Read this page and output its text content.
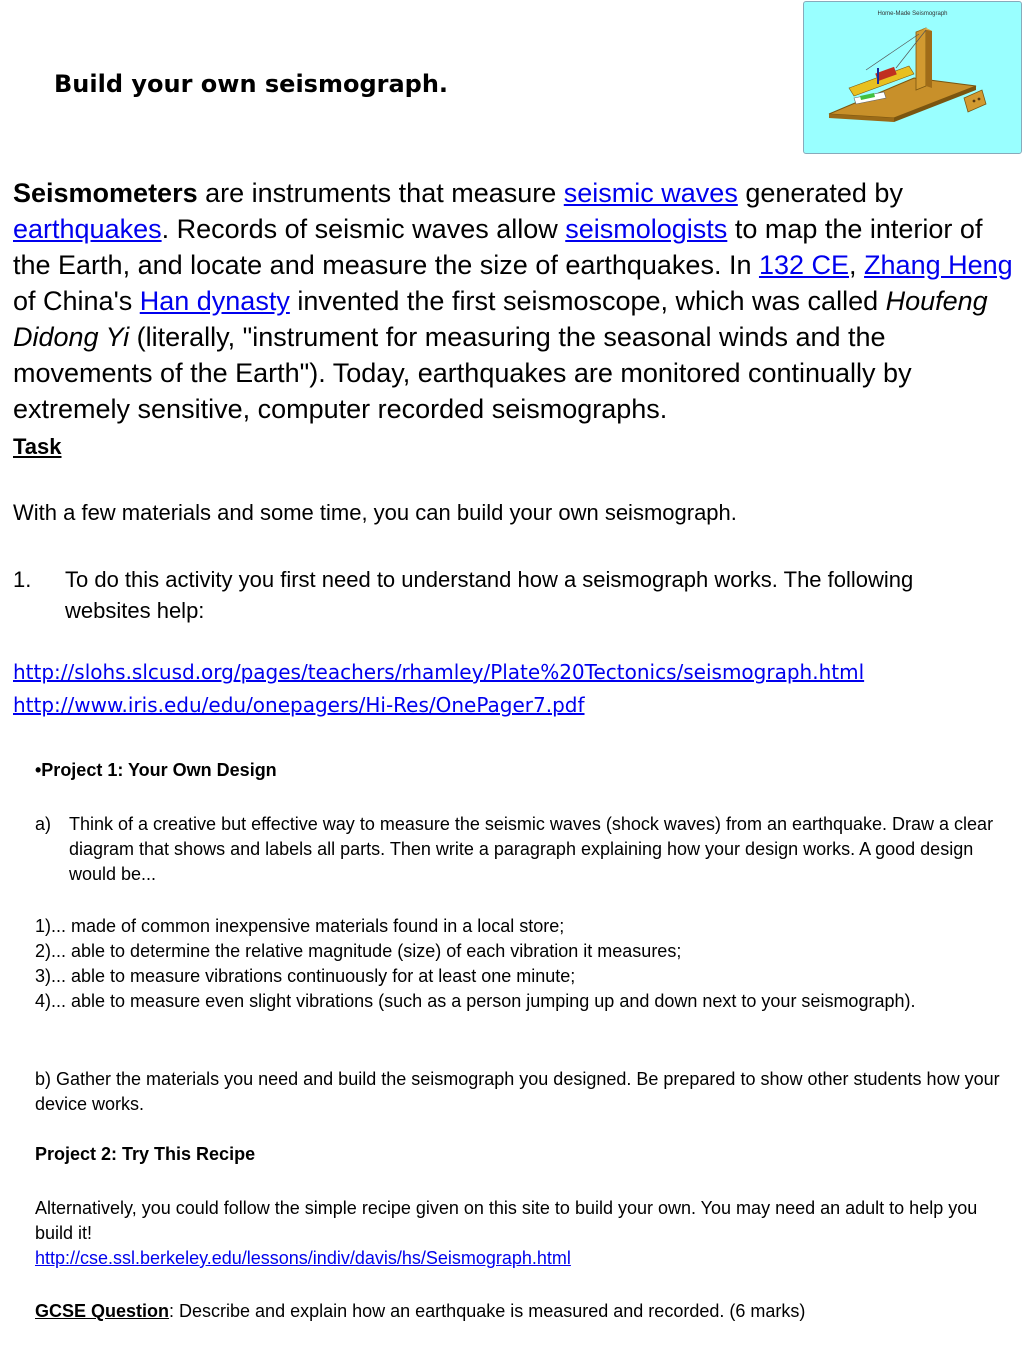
Build your own seismograph.
Home-Made Seismograph

Seismometers are instruments that measure seismic waves generated by earthquakes. Records of seismic waves allow seismologists to map the interior of the Earth, and locate and measure the size of earthquakes. In 132 CE, Zhang Heng of China's Han dynasty invented the first seismoscope, which was called Houfeng Didong Yi (literally, "instrument for measuring the seasonal winds and the movements of the Earth"). Today, earthquakes are monitored continually by extremely sensitive, computer recorded seismographs.

Task
With a few materials and some time, you can build your own seismograph.
1. To do this activity you first need to understand how a seismograph works. The following websites help:
http://slohs.slcusd.org/pages/teachers/rhamley/Plate%20Tectonics/seismograph.html
http://www.iris.edu/edu/onepagers/Hi-Res/OnePager7.pdf
•Project 1: Your Own Design
a) Think of a creative but effective way to measure the seismic waves (shock waves) from an earthquake. Draw a clear diagram that shows and labels all parts. Then write a paragraph explaining how your design works. A good design would be...

1)... made of common inexpensive materials found in a local store;

2)... able to determine the relative magnitude (size) of each vibration it measures;

3)... able to measure vibrations continuously for at least one minute;

4)... able to measure even slight vibrations (such as a person jumping up and down next to your seismograph).

b) Gather the materials you need and build the seismograph you designed. Be prepared to show other students how your device works.
Project 2: Try This Recipe

Alternatively, you could follow the simple recipe given on this site to build your own. You may need an adult to help you build it!

http://cse.ssl.berkeley.edu/lessons/indiv/davis/hs/Seismograph.html

GCSE Question: Describe and explain how an earthquake is measured and recorded. (6 marks)
